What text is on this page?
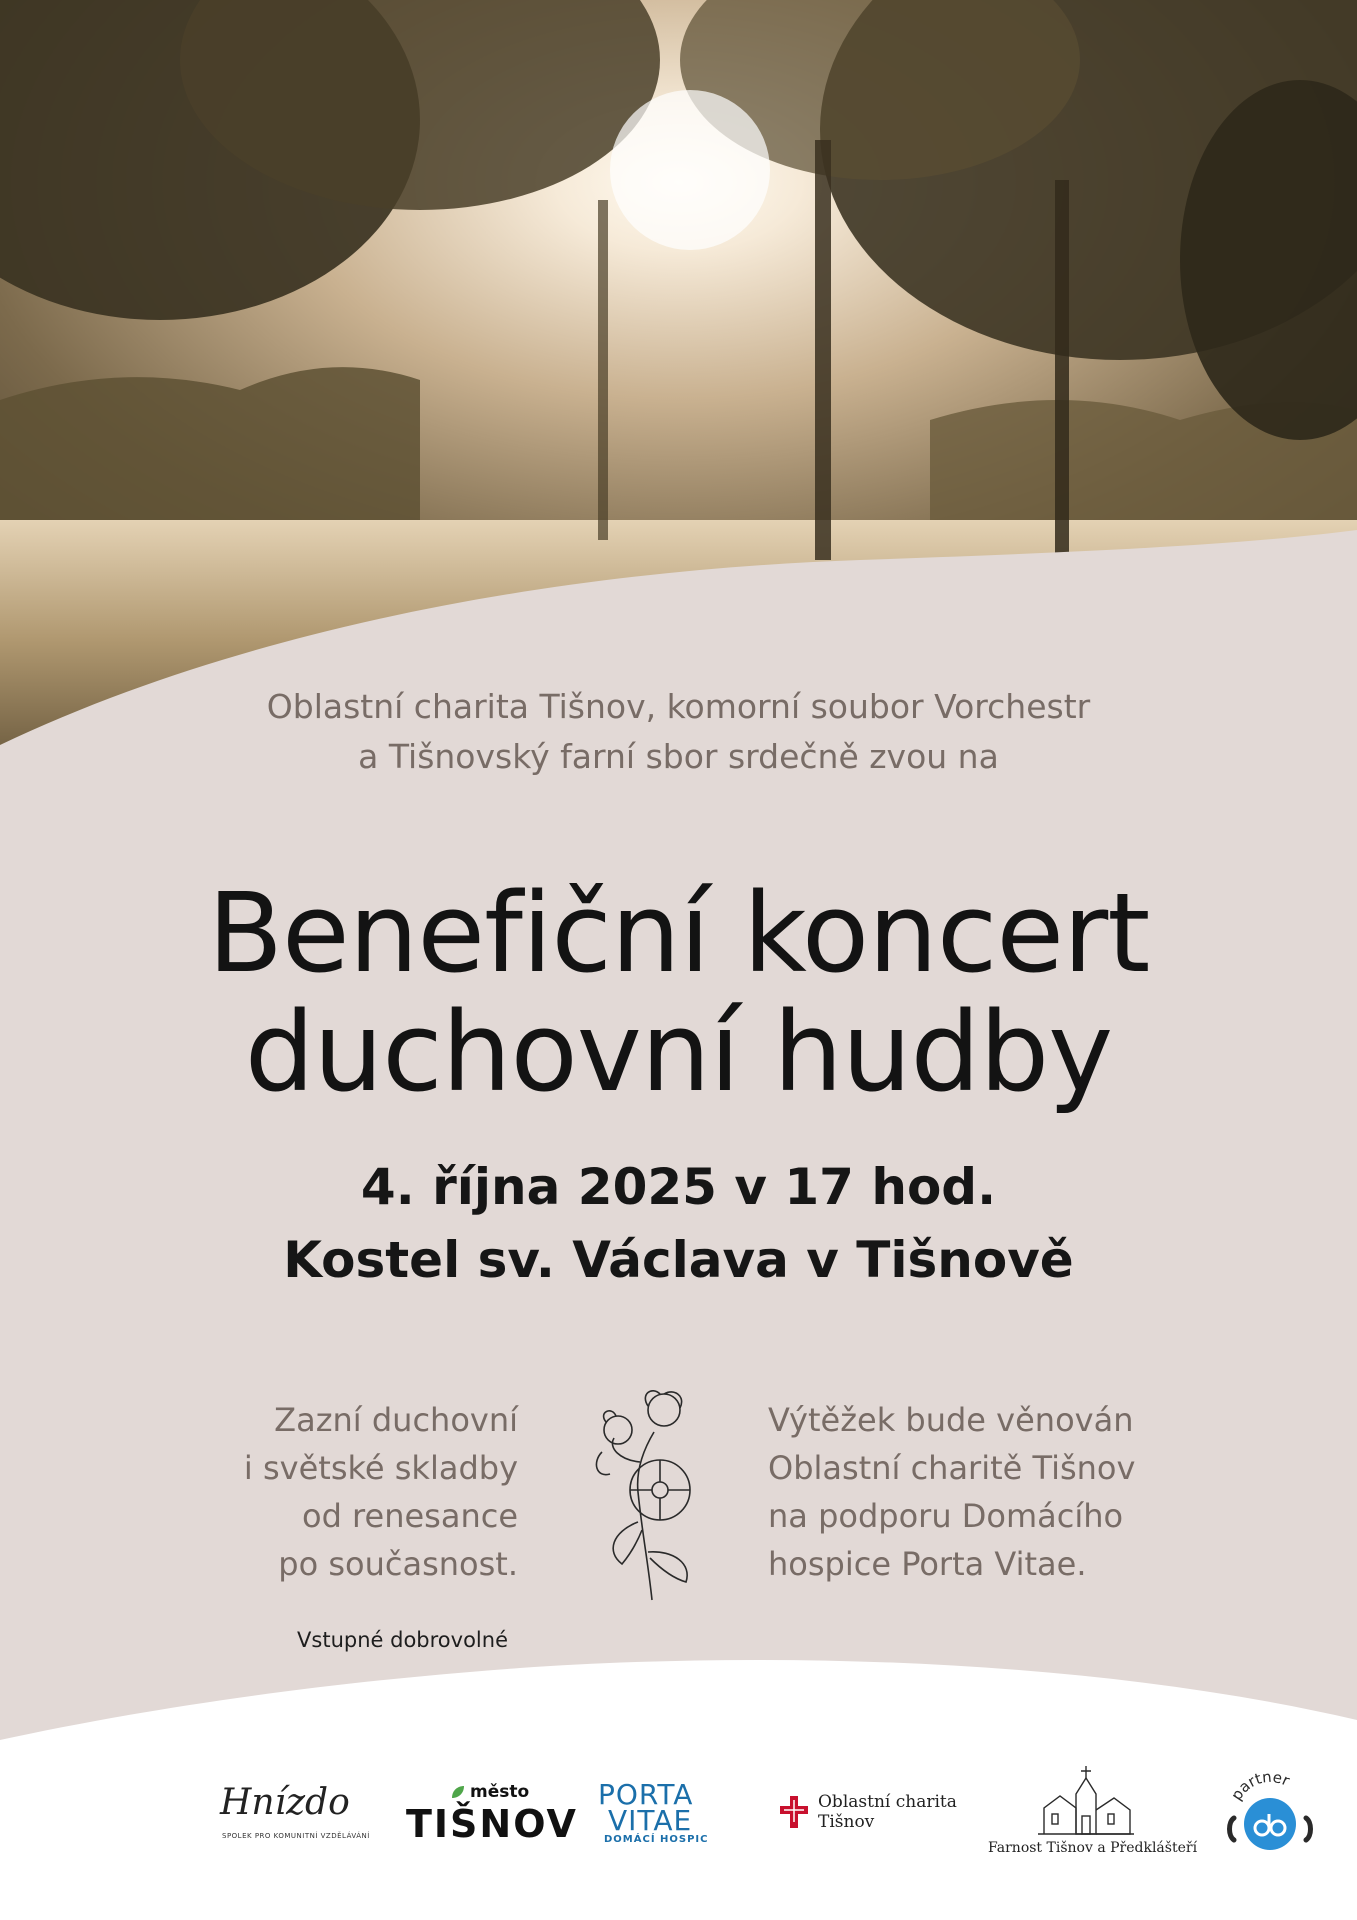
Oblastní charita Tišnov, komorní soubor Vorchestr
a Tišnovský farní sbor srdečně zvou na
Benefiční koncert
duchovní hudby
4. října 2025 v 17 hod.
Kostel sv. Václava v Tišnově
Zazní duchovní
i světské skladby
od renesance
po současnost.
Výtěžek bude věnován
Oblastní charitě Tišnov
na podporu Domácího
hospice Porta Vitae.
Vstupné dobrovolné
Hnízdo
SPOLEK PRO KOMUNITNÍ VZDĚLÁVÁNÍ
město
TIŠNOV
PORTA
VITAE
DOMÁCÍ HOSPIC
Oblastní charita
Tišnov
Farnost Tišnov a Předklášteří
partner
